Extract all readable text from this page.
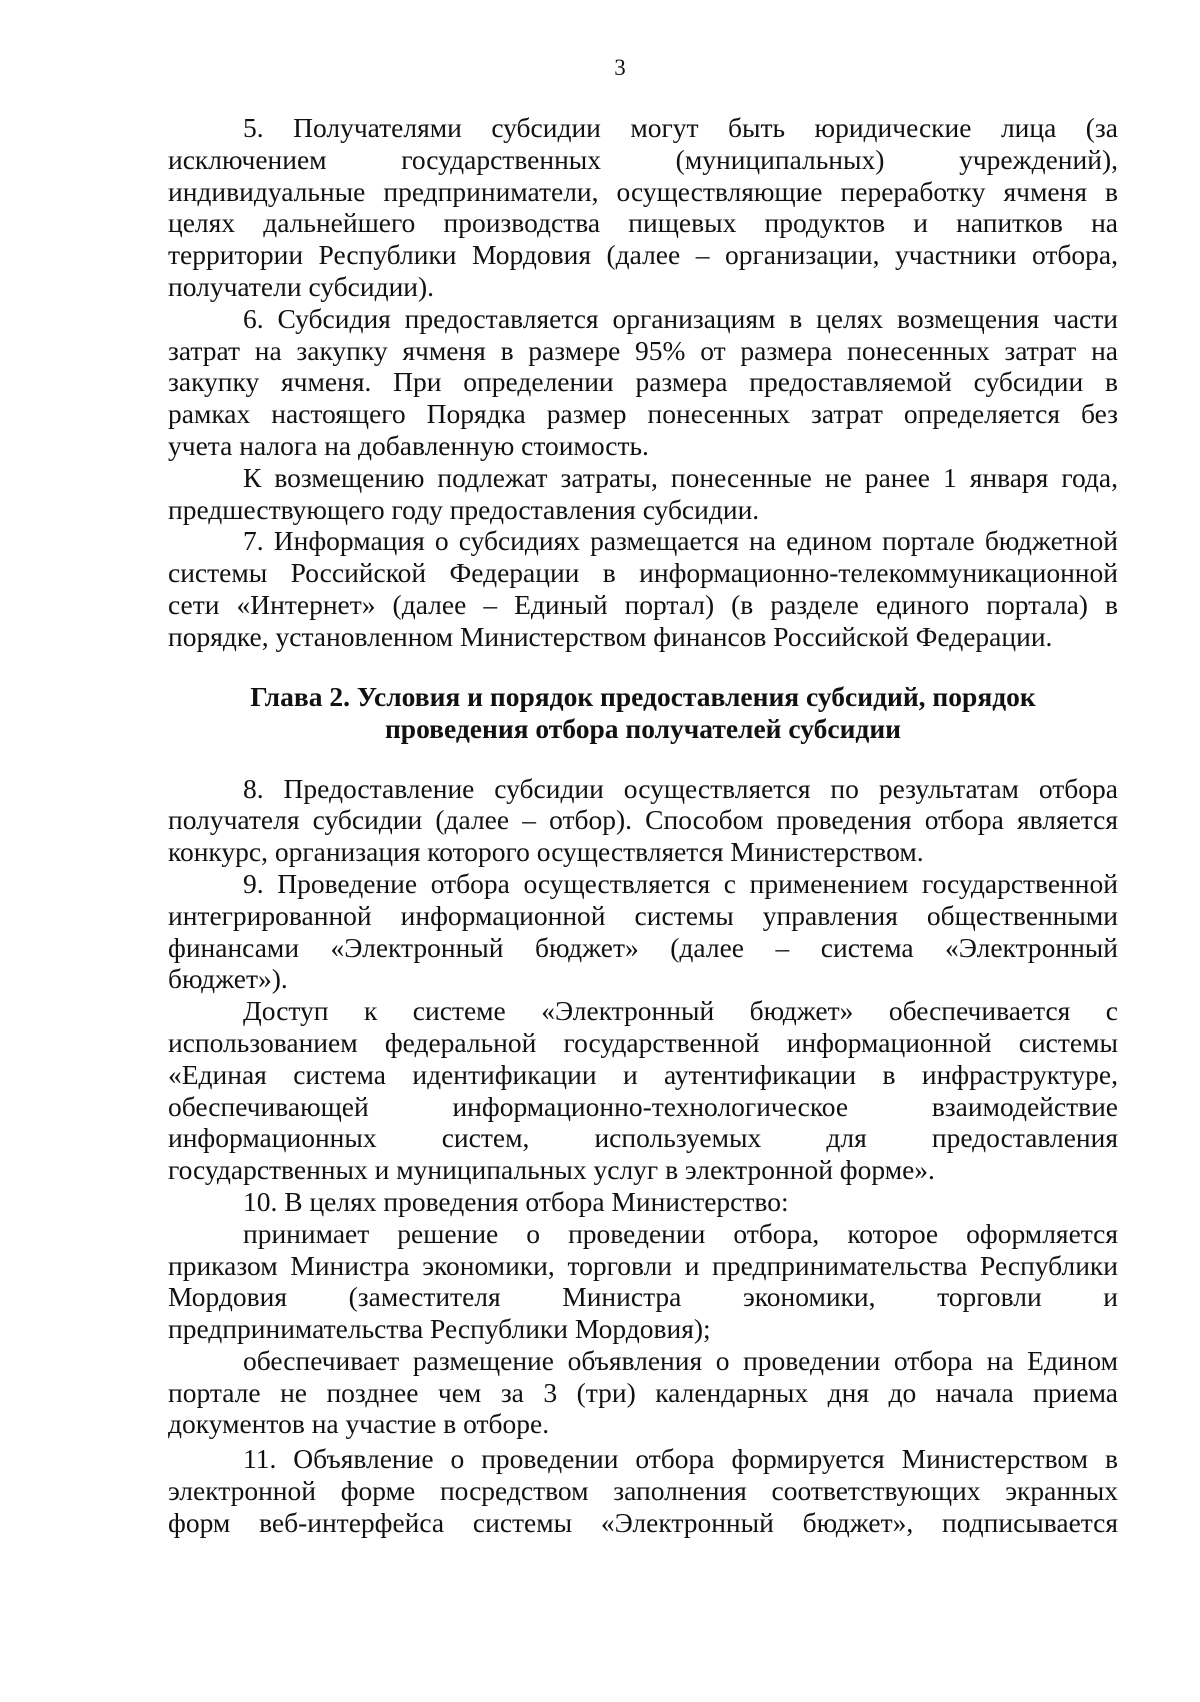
3
5. Получателями субсидии могут быть юридические лица (за
исключением государственных (муниципальных) учреждений),
индивидуальные предприниматели, осуществляющие переработку ячменя в
целях дальнейшего производства пищевых продуктов и напитков на
территории Республики Мордовия (далее – организации, участники отбора,
получатели субсидии).
6. Субсидия предоставляется организациям в целях возмещения части
затрат на закупку ячменя в размере 95% от размера понесенных затрат на
закупку ячменя. При определении размера предоставляемой субсидии в
рамках настоящего Порядка размер понесенных затрат определяется без
учета налога на добавленную стоимость.
К возмещению подлежат затраты, понесенные не ранее 1 января года,
предшествующего году предоставления субсидии.
7. Информация о субсидиях размещается на едином портале бюджетной
системы Российской Федерации в информационно-телекоммуникационной
сети «Интернет» (далее – Единый портал) (в разделе единого портала) в
порядке, установленном Министерством финансов Российской Федерации.
Глава 2. Условия и порядок предоставления субсидий, порядок
проведения отбора получателей субсидии
8. Предоставление субсидии осуществляется по результатам отбора
получателя субсидии (далее – отбор). Способом проведения отбора является
конкурс, организация которого осуществляется Министерством.
9. Проведение отбора осуществляется с применением государственной
интегрированной информационной системы управления общественными
финансами «Электронный бюджет» (далее – система «Электронный
бюджет»).
Доступ к системе «Электронный бюджет» обеспечивается с
использованием федеральной государственной информационной системы
«Единая система идентификации и аутентификации в инфраструктуре,
обеспечивающей информационно-технологическое взаимодействие
информационных систем, используемых для предоставления
государственных и муниципальных услуг в электронной форме».
10. В целях проведения отбора Министерство:
принимает решение о проведении отбора, которое оформляется
приказом Министра экономики, торговли и предпринимательства Республики
Мордовия (заместителя Министра экономики, торговли и
предпринимательства Республики Мордовия);
обеспечивает размещение объявления о проведении отбора на Едином
портале не позднее чем за 3 (три) календарных дня до начала приема
документов на участие в отборе.
11. Объявление о проведении отбора формируется Министерством в
электронной форме посредством заполнения соответствующих экранных
форм веб-интерфейса системы «Электронный бюджет», подписывается
